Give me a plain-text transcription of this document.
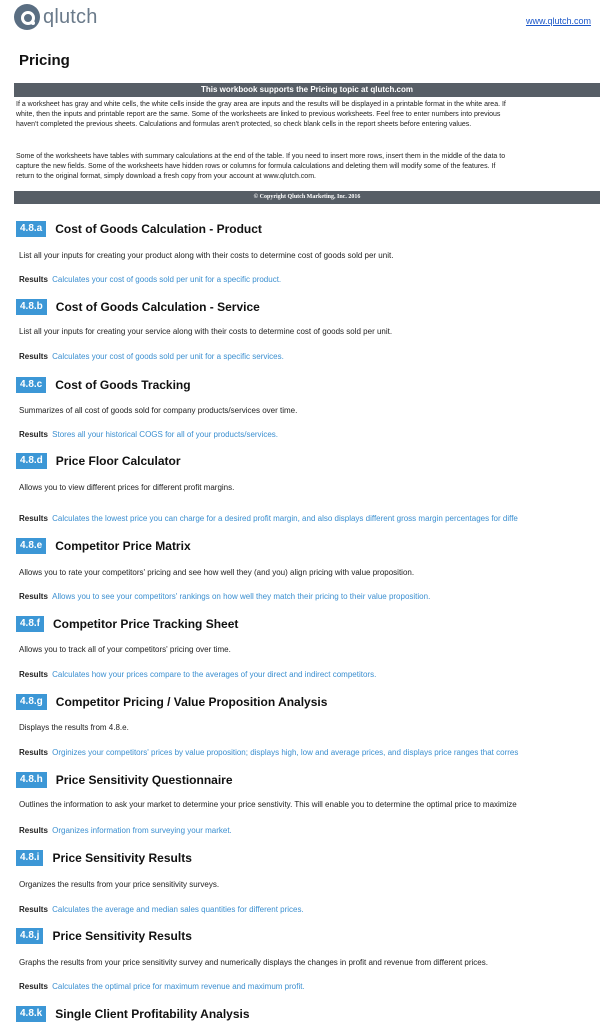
qlutch	www.qlutch.com
Pricing
This workbook supports the Pricing topic at qlutch.com
If a worksheet has gray and white cells, the white cells inside the gray area are inputs and the results will be displayed in a printable format in the white area. If
white, then the inputs and printable report are the same. Some of the worksheets are linked to previous worksheets. Feel free to enter numbers into previous
haven't completed the previous sheets. Calculations and formulas aren't protected, so check blank cells in the report sheets before entering values.
Some of the worksheets have tables with summary calculations at the end of the table. If you need to insert more rows, insert them in the middle of the data to
capture the new fields. Some of the worksheets have hidden rows or columns for formula calculations and deleting them will modify some of the features. If
return to the original format, simply download a fresh copy from your account at www.qlutch.com.
© Copyright Qlutch Marketing, Inc. 2016
4.8.a	Cost of Goods Calculation - Product
List all your inputs for creating your product along with their costs to determine cost of goods sold per unit.
Results Calculates your cost of goods sold per unit for a specific product.
4.8.b	Cost of Goods Calculation - Service
List all your inputs for creating your service along with their costs to determine cost of goods sold per unit.
Results Calculates your cost of goods sold per unit for a specific services.
4.8.c	Cost of Goods Tracking
Summarizes of all cost of goods sold for company products/services over time.
Results Stores all your historical COGS for all of your products/services.
4.8.d	Price Floor Calculator
Allows you to view different prices for different profit margins.
Results Calculates the lowest price you can charge for a desired profit margin, and also displays different gross margin percentages for diffe
4.8.e	Competitor Price Matrix
Allows you to rate your competitors' pricing and see how well they (and you) align pricing with value proposition.
Results Allows you to see your competitors' rankings on how well they match their pricing to their value proposition.
4.8.f	Competitor Price Tracking Sheet
Allows you to track all of your competitors' pricing over time.
Results Calculates how your prices compare to the averages of your direct and indirect competitors.
4.8.g	Competitor Pricing / Value Proposition Analysis
Displays the results from 4.8.e.
Results Orginizes your competitors' prices by value proposition; displays high, low and average prices, and displays price ranges that corres
4.8.h	Price Sensitivity Questionnaire
Outlines the information to ask your market to determine your price senstivity. This will enable you to determine the optimal price to maximize
Results Organizes information from surveying your market.
4.8.i	Price Sensitivity Results
Organizes the results from your price sensitivity surveys.
Results Calculates the average and median sales quantities for different prices.
4.8.j	Price Sensitivity Results
Graphs the results from your price sensitivity survey and numerically displays the changes in profit and revenue from different prices.
Results Calculates the optimal price for maximum revenue and maximum profit.
4.8.k	Single Client Profitability Analysis
